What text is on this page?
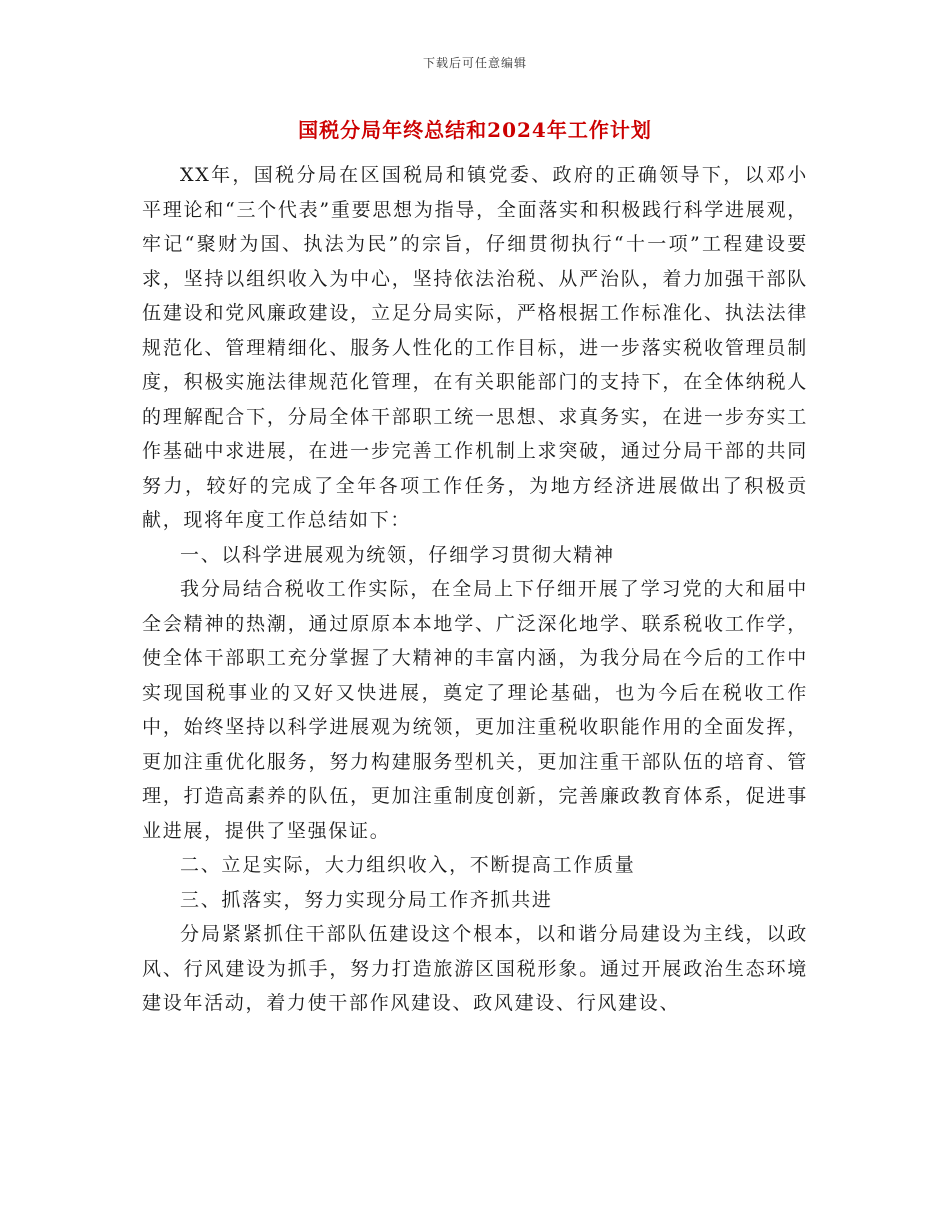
下载后可任意编辑
国税分局年终总结和2024年工作计划

XX年，国税分局在区国税局和镇党委、政府的正确领导下，以邓小平理论和“三个代表”重要思想为指导，全面落实和积极践行科学进展观，牢记“聚财为国、执法为民”的宗旨，仔细贯彻执行“十一项”工程建设要求，坚持以组织收入为中心，坚持依法治税、从严治队，着力加强干部队伍建设和党风廉政建设，立足分局实际，严格根据工作标准化、执法法律规范化、管理精细化、服务人性化的工作目标，进一步落实税收管理员制度，积极实施法律规范化管理，在有关职能部门的支持下，在全体纳税人的理解配合下，分局全体干部职工统一思想、求真务实，在进一步夯实工作基础中求进展，在进一步完善工作机制上求突破，通过分局干部的共同努力，较好的完成了全年各项工作任务，为地方经济进展做出了积极贡献，现将年度工作总结如下：

一、以科学进展观为统领，仔细学习贯彻大精神

我分局结合税收工作实际，在全局上下仔细开展了学习党的大和届中全会精神的热潮，通过原原本本地学、广泛深化地学、联系税收工作学，使全体干部职工充分掌握了大精神的丰富内涵，为我分局在今后的工作中实现国税事业的又好又快进展，奠定了理论基础，也为今后在税收工作中，始终坚持以科学进展观为统领，更加注重税收职能作用的全面发挥，更加注重优化服务，努力构建服务型机关，更加注重干部队伍的培育、管理，打造高素养的队伍，更加注重制度创新，完善廉政教育体系，促进事业进展，提供了坚强保证。

二、立足实际，大力组织收入，不断提高工作质量

三、抓落实，努力实现分局工作齐抓共进

分局紧紧抓住干部队伍建设这个根本，以和谐分局建设为主线，以政风、行风建设为抓手，努力打造旅游区国税形象。通过开展政治生态环境建设年活动，着力使干部作风建设、政风建设、行风建设、
